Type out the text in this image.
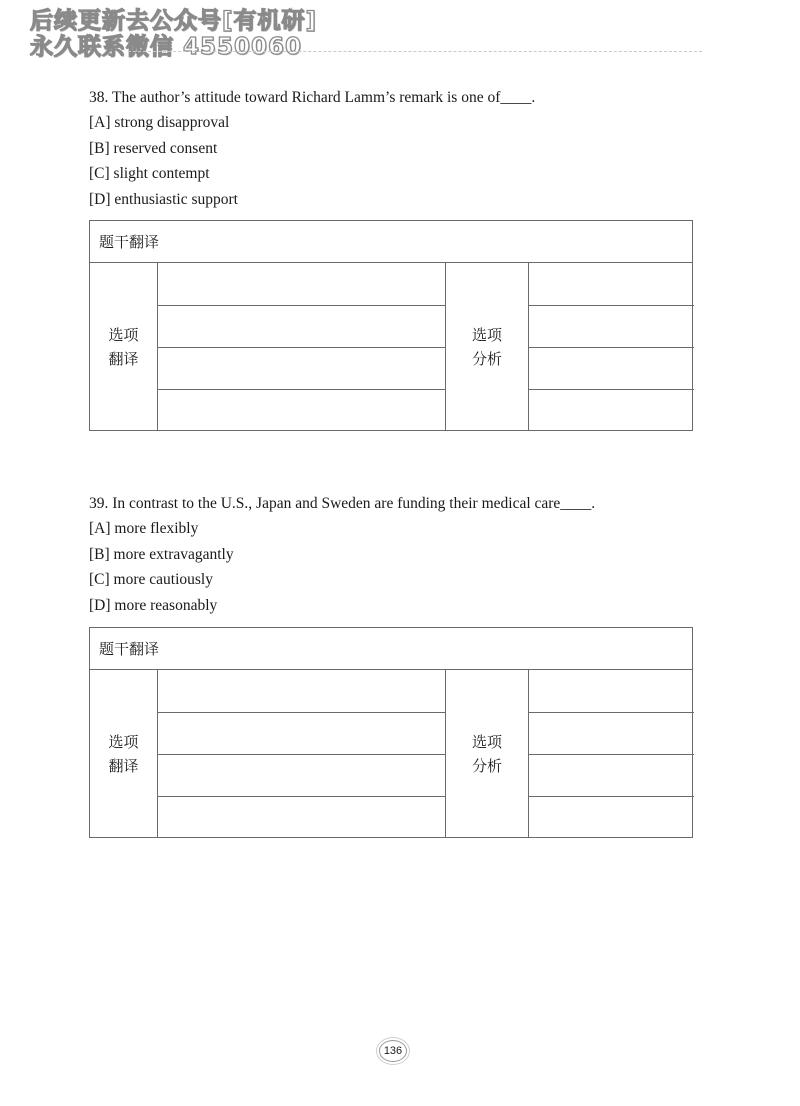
后续更新去公众号[有机研]
永久联系微信 4550060
38. The author’s attitude toward Richard Lamm’s remark is one of____.
[A] strong disapproval
[B] reserved consent
[C] slight contempt
[D] enthusiastic support
题干翻译
选项
翻译
选项
分析
39. In contrast to the U.S., Japan and Sweden are funding their medical care____.
[A] more flexibly
[B] more extravagantly
[C] more cautiously
[D] more reasonably
题干翻译
选项
翻译
选项
分析
136
